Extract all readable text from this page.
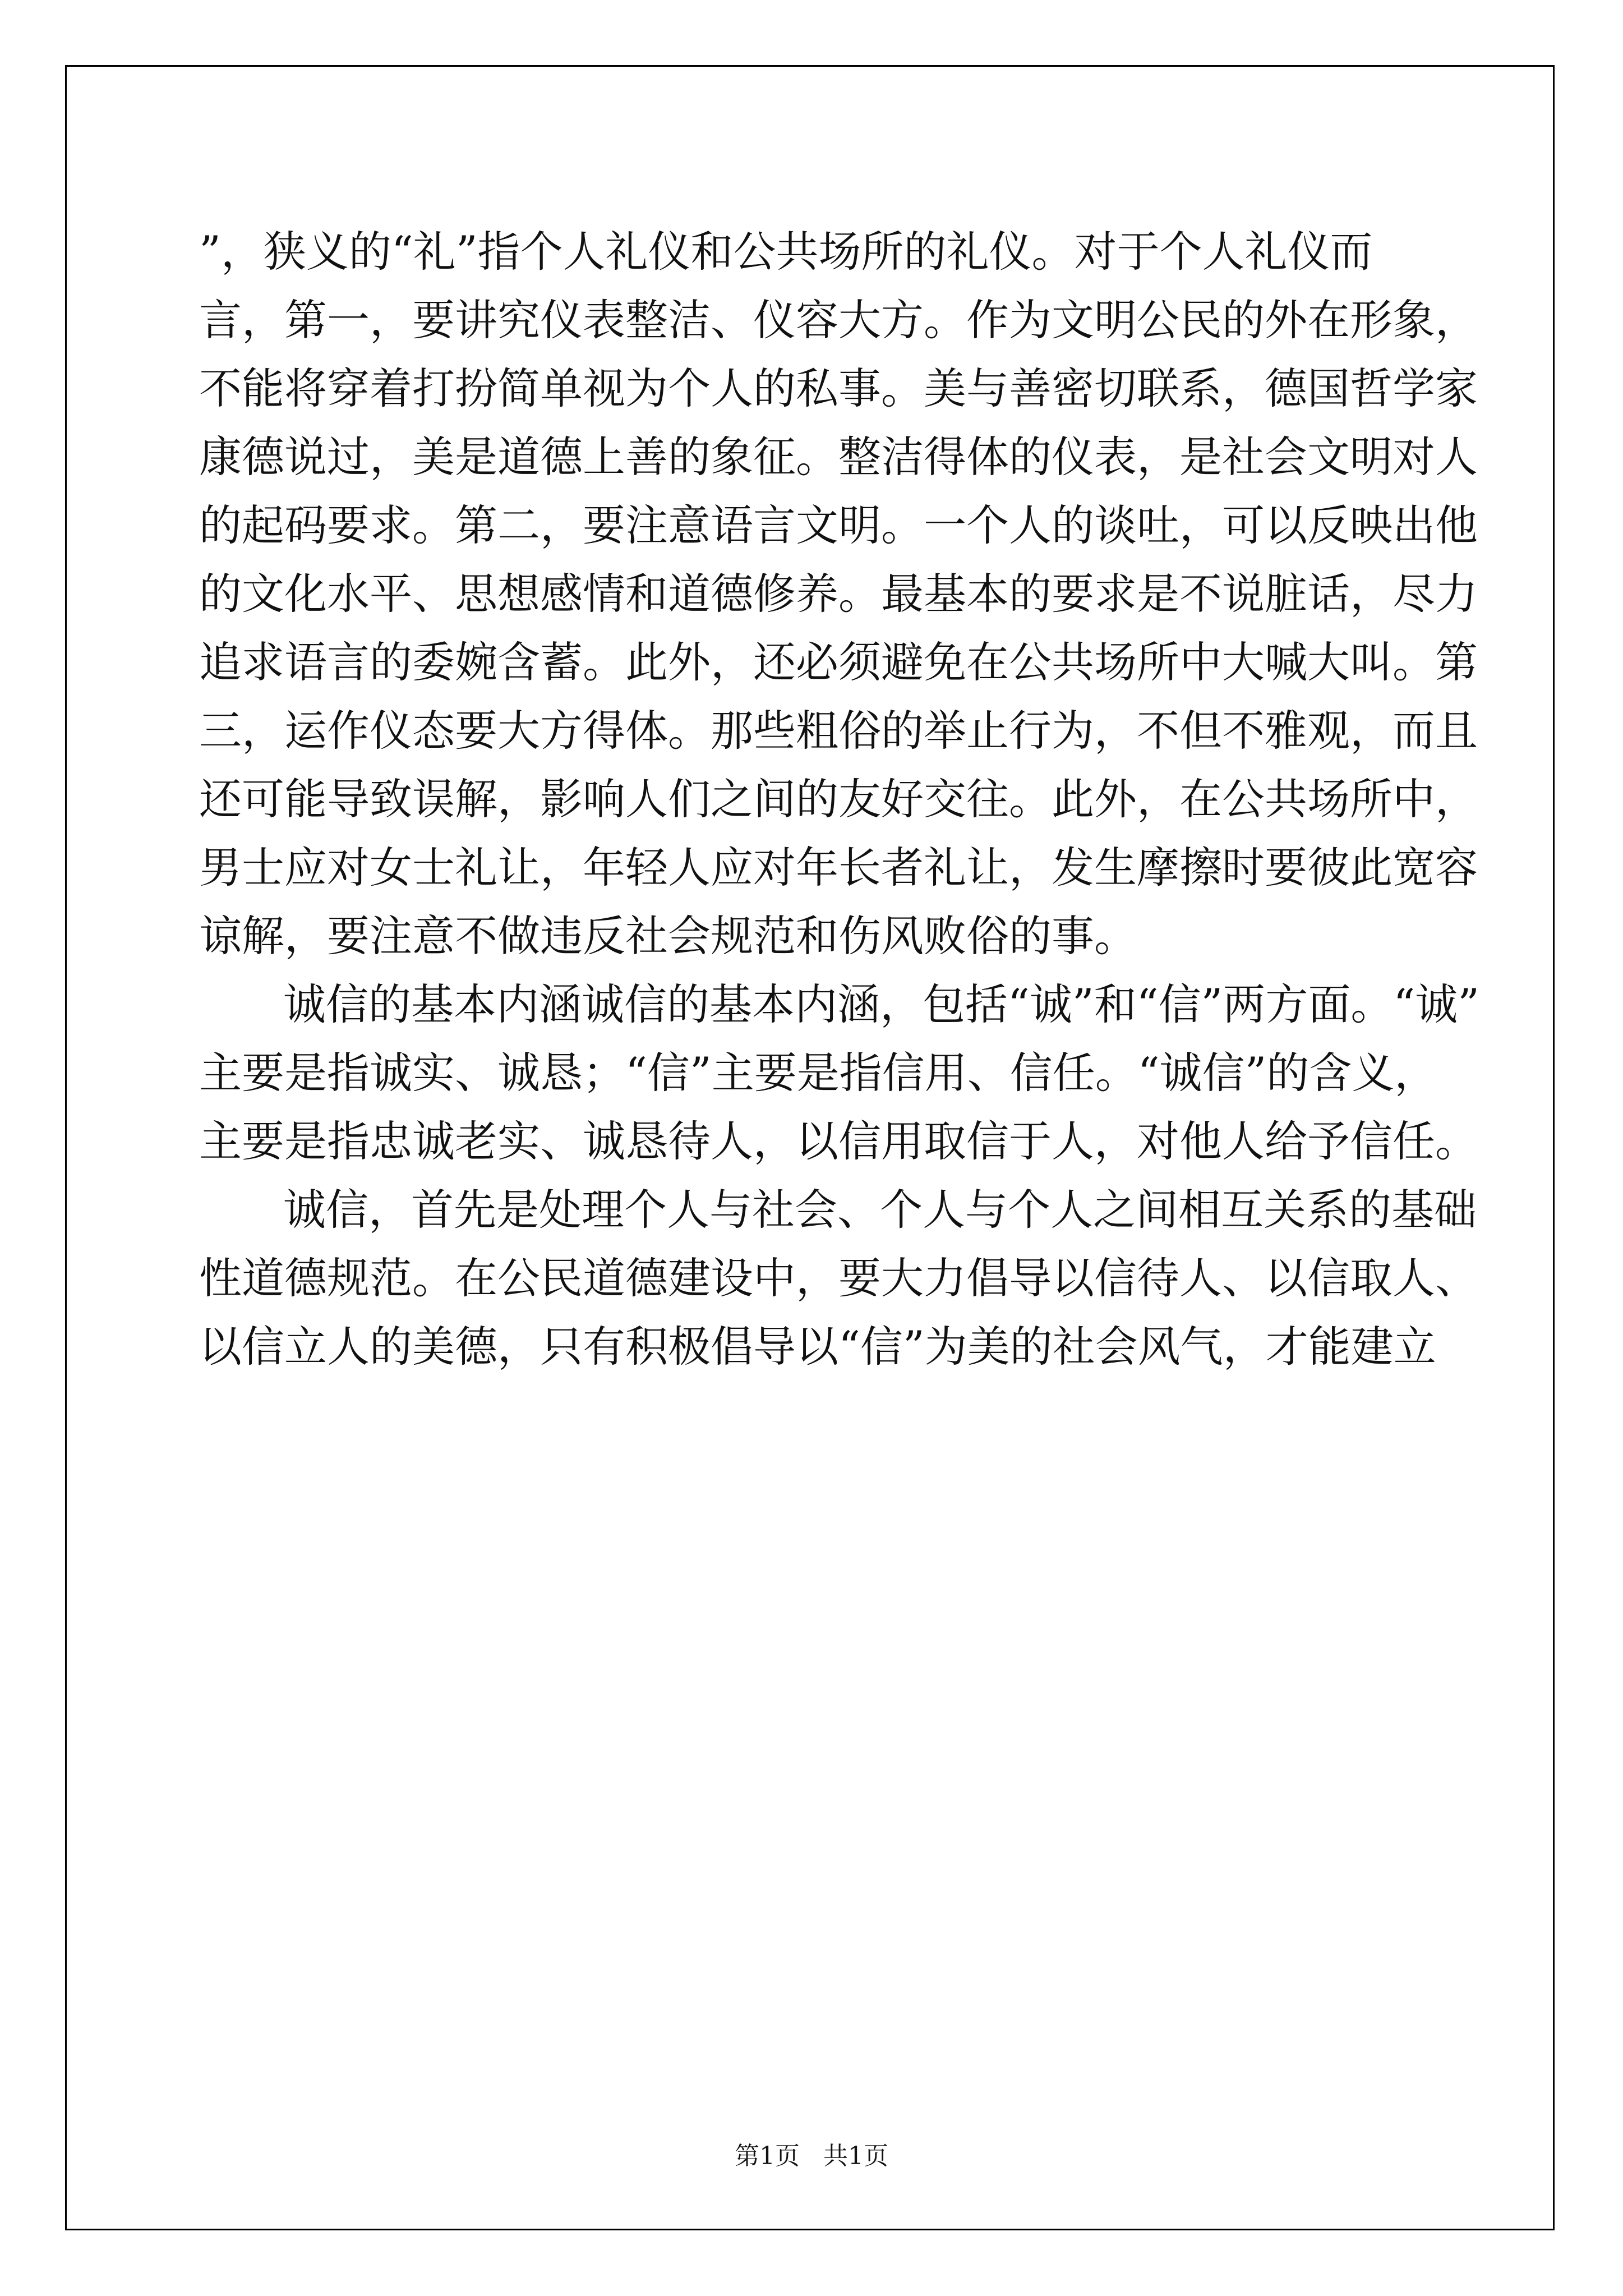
”，狭义的“礼”指个人礼仪和公共场所的礼仪。对于个人礼仪而
言，第一，要讲究仪表整洁、仪容大方。作为文明公民的外在形象，
不能将穿着打扮简单视为个人的私事。美与善密切联系，德国哲学家
康德说过，美是道德上善的象征。整洁得体的仪表，是社会文明对人
的起码要求。第二，要注意语言文明。一个人的谈吐，可以反映出他
的文化水平、思想感情和道德修养。最基本的要求是不说脏话，尽力
追求语言的委婉含蓄。此外，还必须避免在公共场所中大喊大叫。第
三，运作仪态要大方得体。那些粗俗的举止行为，不但不雅观，而且
还可能导致误解，影响人们之间的友好交往。此外，在公共场所中，
男士应对女士礼让，年轻人应对年长者礼让，发生摩擦时要彼此宽容
谅解，要注意不做违反社会规范和伤风败俗的事。
诚信的基本内涵诚信的基本内涵，包括“诚”和“信”两方面。“诚”
主要是指诚实、诚恳；“信”主要是指信用、信任。“诚信”的含义，
主要是指忠诚老实、诚恳待人，以信用取信于人，对他人给予信任。
诚信，首先是处理个人与社会、个人与个人之间相互关系的基础
性道德规范。在公民道德建设中，要大力倡导以信待人、以信取人、
以信立人的美德，只有积极倡导以“信”为美的社会风气，才能建立
第1页   共1页
